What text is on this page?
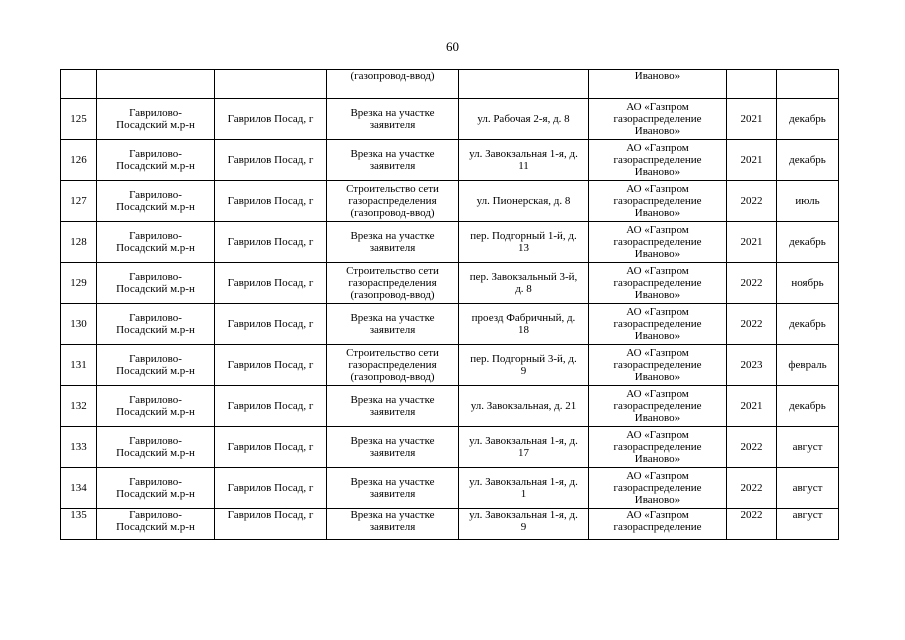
60

			(газопровод-ввод)		Иваново»		

125	Гаврилово-
Посадский м.р-н	Гаврилов Посад, г	Врезка на участке
заявителя	ул. Рабочая 2-я, д. 8	АО «Газпром
газораспределение
Иваново»	2021	декабрь

126	Гаврилово-
Посадский м.р-н	Гаврилов Посад, г	Врезка на участке
заявителя	ул. Завокзальная 1-я, д.
11	АО «Газпром
газораспределение
Иваново»	2021	декабрь

127	Гаврилово-
Посадский м.р-н	Гаврилов Посад, г	Строительство сети
газораспределения
(газопровод-ввод)	ул. Пионерская, д. 8	АО «Газпром
газораспределение
Иваново»	2022	июль

128	Гаврилово-
Посадский м.р-н	Гаврилов Посад, г	Врезка на участке
заявителя	пер. Подгорный 1-й, д.
13	АО «Газпром
газораспределение
Иваново»	2021	декабрь

129	Гаврилово-
Посадский м.р-н	Гаврилов Посад, г	Строительство сети
газораспределения
(газопровод-ввод)	пер. Завокзальный 3-й,
д. 8	АО «Газпром
газораспределение
Иваново»	2022	ноябрь

130	Гаврилово-
Посадский м.р-н	Гаврилов Посад, г	Врезка на участке
заявителя	проезд Фабричный, д.
18	АО «Газпром
газораспределение
Иваново»	2022	декабрь

131	Гаврилово-
Посадский м.р-н	Гаврилов Посад, г	Строительство сети
газораспределения
(газопровод-ввод)	пер. Подгорный 3-й, д.
9	АО «Газпром
газораспределение
Иваново»	2023	февраль

132	Гаврилово-
Посадский м.р-н	Гаврилов Посад, г	Врезка на участке
заявителя	ул. Завокзальная, д. 21	АО «Газпром
газораспределение
Иваново»	2021	декабрь

133	Гаврилово-
Посадский м.р-н	Гаврилов Посад, г	Врезка на участке
заявителя	ул. Завокзальная 1-я, д.
17	АО «Газпром
газораспределение
Иваново»	2022	август

134	Гаврилово-
Посадский м.р-н	Гаврилов Посад, г	Врезка на участке
заявителя	ул. Завокзальная 1-я, д.
1	АО «Газпром
газораспределение
Иваново»	2022	август

135	Гаврилово-
Посадский м.р-н	Гаврилов Посад, г	Врезка на участке
заявителя	ул. Завокзальная 1-я, д.
9	АО «Газпром
газораспределение	2022	август
